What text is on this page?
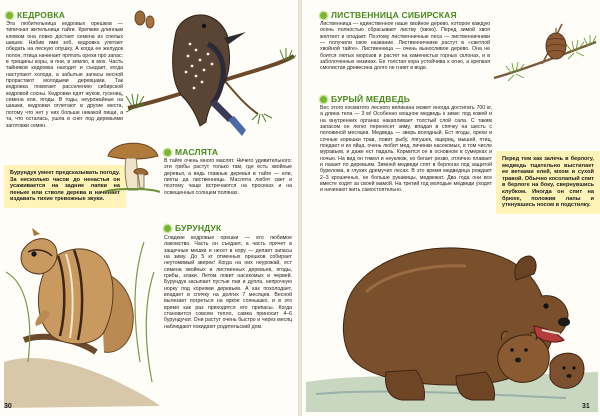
КЕДРОВКА
Эта любительница кедровых орешков — типичная жительница тайги. Крепким длинным клювом она ловко достает семена из спелых шишек. Набив ими зоб, кедровка улетает обедать на лесную опушку. А когда ее желудок полон, птица начинает прятать орехи про запас: в трещины коры, в пни, в землю, в мох. Часть тайников кедровка находит и съедает, когда наступают холода, а забытые запасы весной прорастают молодыми деревцами. Так кедровка помогает расселению сибирской кедровой сосны. Кедровки едят жуков, гусениц, семена ели, ягоды. В годы, неурожайные на шишки, кедровки отлетают в другие места, потому что нет у них больше никакой пищи, а та, что осталась, ушла в снег под деревьями заготовки семян.
Бурундук умеет предсказывать погоду. За несколько часов до ненастья он усаживается на задние лапки на пеньке или стволе дерева и начинает издавать тихие тревожные звуки.
МАСЛЯТА
В тайге очень много маслят. Ничего удивительного: эти грибы растут только там, где есть хвойные деревья, а ведь главные деревья в тайге — ели, пихты да лиственницы. Маслята любят свет и поэтому чаще встречаются на просеках и на освещенных солнцем полянах.
БУРУНДУК
Сладкие кедровые орешки — его любимое лакомство. Часть он съедает, а часть прячет в защечные мешки и несет в нору — делает запасы на зиму. До 5 кг отменных орешков собирает неутомимый зверек! Когда на них неурожай, ест семена хвойных и лиственных деревьев, ягоды, грибы, злаки. Летом ловит насекомых и червей. Бурундук засыпает пустые пни и дупла, непрочную норку под корнями деревьев. А как похолодает, впадает в спячку на долгих 7 месяцев. Весной вылезает погреться на яркое солнышко, и в это время как раз приходится его припасы. Когда становится совсем тепло, самка приносит 4–6 бурундучат. Они растут очень быстро и через месяц наблюдают покидают родительский дом.
30
ЛИСТВЕННИЦА СИБИРСКАЯ
Лиственница — единственное наше хвойное дерево, которое каждую осень полностью сбрасывает листву (хвою). Перед зимой хвоя желтеет и опадает. Поэтому лиственничные леса — лиственничники — получили свое название. Лиственничники растут в «светлой хвойной тайге». Лиственница — очень выносливое дерево. Она не боится лютых морозов и растет на каменистых горных склонах, и в заболоченных низинах. Ее толстая кора устойчива к огню, а крепкая смолистая древесина долго не гниет в воде.
БУРЫЙ МЕДВЕДЬ
Вес этого косматого лесного великана может иногда достигать 700 кг, а длина тела — 3 м! Особенно мощное медведь к зиме: под кожей и на внутренних органах накапливает толстый слой сала. С таким запасом он легко перенесет зиму, впадая в спячку на шесть с половиной месяцев. Медведь — зверь всеядный. Ест ягоды, орехи и сочные корешки трав, ловит рыбу, лягушек, ящериц, мышей, птиц, поедает и их яйца, очень любит мед, личинки насекомых, в том числе муравьев, и даже ест падаль. Кормится он в основном в сумерках и ночью. На вид он тяжел и неуклюж, но бегает резво, отлично плавает и лазает по деревьям. Зимней медведи спят в берлогах под защитой бурелома, в глухих дремучих лесах. В это время медведица рождает 2–3 крошечных, не больше рукавицы, медвежат. Два года они все вместе ходят за своей мамой. На третий год молодые медведи уходят и начинают жить самостоятельно.
Перед тем как залечь в берлогу, медведь тщательно выстилает ее ветками елей, мхом и сухой травой. Обычно косолапый спит в берлоге на боку, свернувшись клубком. Иногда он спит на брюхе, положив лапы и уткнувшись носом в подстилку.
31
